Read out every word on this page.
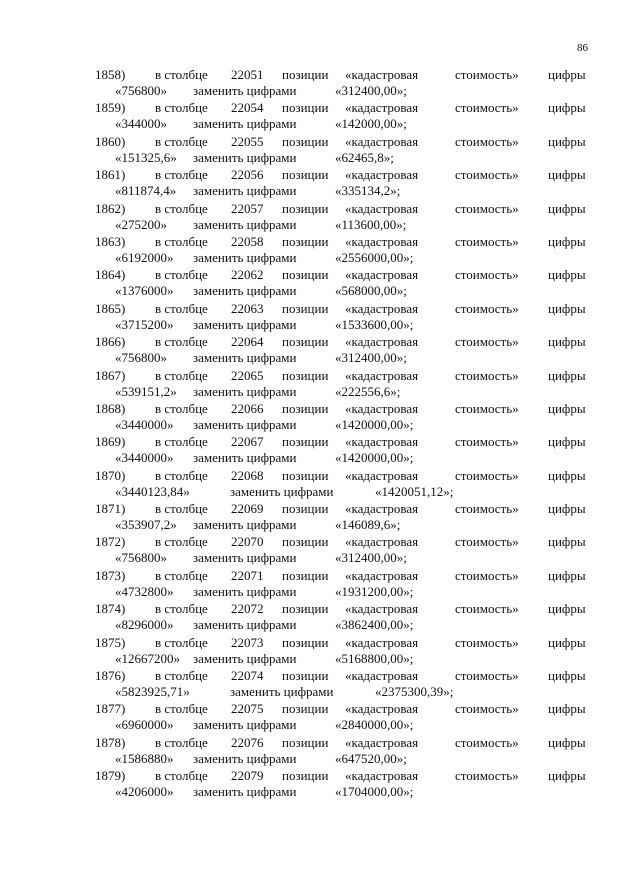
86
1858) в столбце 22051 позиции «кадастровая	стоимость» цифры
«756800» заменить цифрами	«312400,00»;
1859) в столбце 22054 позиции «кадастровая	стоимость» цифры
«344000» заменить цифрами	«142000,00»;
1860) в столбце 22055 позиции «кадастровая	стоимость» цифры
«151325,6» заменить цифрами	«62465,8»;
1861) в столбце 22056 позиции «кадастровая	стоимость» цифры
«811874,4» заменить цифрами	«335134,2»;
1862) в столбце 22057 позиции «кадастровая	стоимость» цифры
«275200» заменить цифрами	«113600,00»;
1863) в столбце 22058 позиции «кадастровая	стоимость» цифры
«6192000» заменить цифрами	«2556000,00»;
1864) в столбце 22062 позиции «кадастровая	стоимость» цифры
«1376000» заменить цифрами	«568000,00»;
1865) в столбце 22063 позиции «кадастровая	стоимость» цифры
«3715200» заменить цифрами	«1533600,00»;
1866) в столбце 22064 позиции «кадастровая	стоимость» цифры
«756800» заменить цифрами	«312400,00»;
1867) в столбце 22065 позиции «кадастровая	стоимость» цифры
«539151,2» заменить цифрами	«222556,6»;
1868) в столбце 22066 позиции «кадастровая	стоимость» цифры
«3440000» заменить цифрами	«1420000,00»;
1869) в столбце 22067 позиции «кадастровая	стоимость» цифры
«3440000» заменить цифрами	«1420000,00»;
1870) в столбце 22068 позиции «кадастровая	стоимость» цифры
«3440123,84»	заменить цифрами	«1420051,12»;
1871) в столбце 22069 позиции «кадастровая	стоимость» цифры
«353907,2» заменить цифрами	«146089,6»;
1872) в столбце 22070 позиции «кадастровая	стоимость» цифры
«756800» заменить цифрами	«312400,00»;
1873) в столбце 22071 позиции «кадастровая	стоимость» цифры
«4732800» заменить цифрами	«1931200,00»;
1874) в столбце 22072 позиции «кадастровая	стоимость» цифры
«8296000» заменить цифрами	«3862400,00»;
1875) в столбце 22073 позиции «кадастровая	стоимость» цифры
«12667200» заменить цифрами	«5168800,00»;
1876) в столбце 22074 позиции «кадастровая	стоимость» цифры
«5823925,71»	заменить цифрами	«2375300,39»;
1877) в столбце 22075 позиции «кадастровая	стоимость» цифры
«6960000» заменить цифрами	«2840000,00»;
1878) в столбце 22076 позиции «кадастровая	стоимость» цифры
«1586880» заменить цифрами	«647520,00»;
1879) в столбце 22079 позиции «кадастровая	стоимость» цифры
«4206000» заменить цифрами	«1704000,00»;
